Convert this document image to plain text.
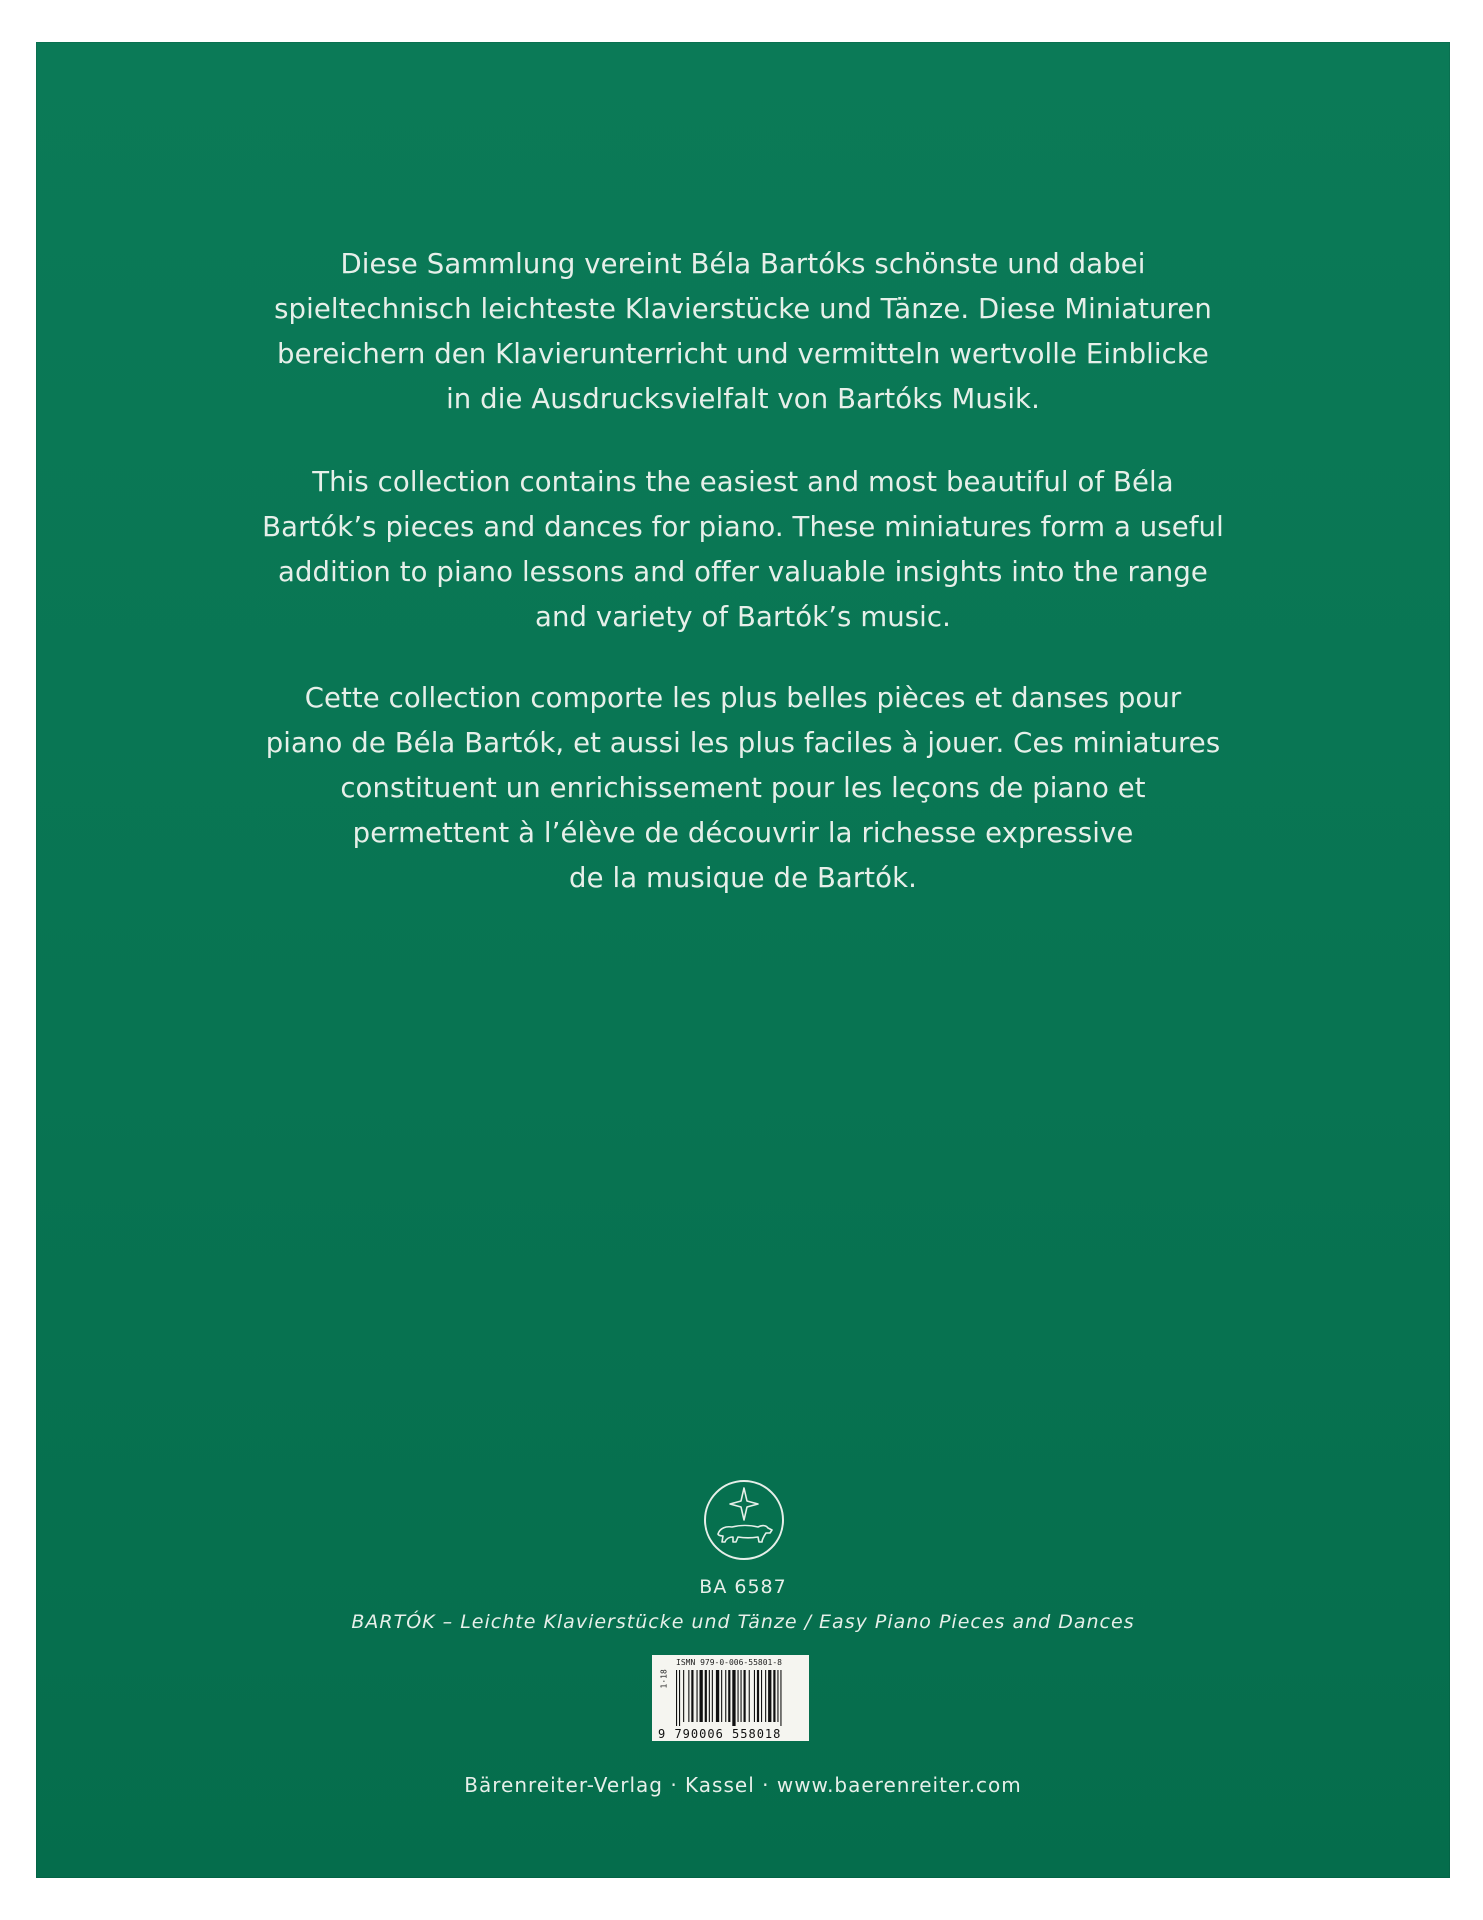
Diese Sammlung vereint Béla Bartóks schönste und dabei
spieltechnisch leichteste Klavierstücke und Tänze. Diese Miniaturen
bereichern den Klavierunterricht und vermitteln wertvolle Einblicke
in die Ausdrucksvielfalt von Bartóks Musik.
This collection contains the easiest and most beautiful of Béla
Bartók’s pieces and dances for piano. These miniatures form a useful
addition to piano lessons and offer valuable insights into the range
and variety of Bartók’s music.
Cette collection comporte les plus belles pièces et danses pour
piano de Béla Bartók, et aussi les plus faciles à jouer. Ces miniatures
constituent un enrichissement pour les leçons de piano et
permettent à l’élève de découvrir la richesse expressive
de la musique de Bartók.
BA 6587
BARTÓK – Leichte Klavierstücke und Tänze / Easy Piano Pieces and Dances
ISMN 979-0-006-55801-8
1·18
9 790006 558018
Bärenreiter-Verlag · Kassel · www.baerenreiter.com
